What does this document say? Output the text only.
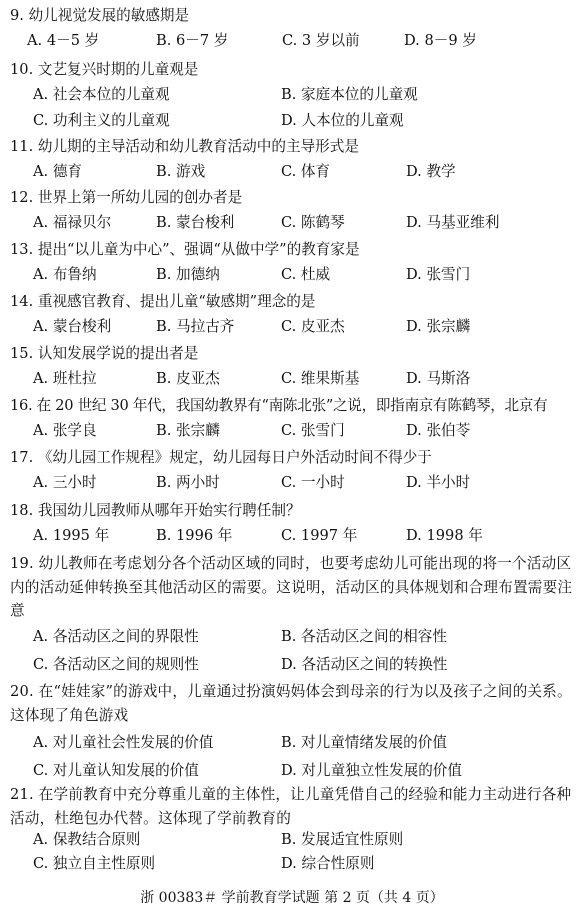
9. 幼儿视觉发展的敏感期是
A. 4－5 岁	B. 6－7 岁	C. 3 岁以前	D. 8－9 岁
10. 文艺复兴时期的儿童观是
A. 社会本位的儿童观	B. 家庭本位的儿童观
C. 功利主义的儿童观	D. 人本位的儿童观
11. 幼儿期的主导活动和幼儿教育活动中的主导形式是
A. 德育	B. 游戏	C. 体育	D. 教学
12. 世界上第一所幼儿园的创办者是
A. 福禄贝尔	B. 蒙台梭利	C. 陈鹤琴	D. 马基亚维利
13. 提出“以儿童为中心”、强调“从做中学”的教育家是
A. 布鲁纳	B. 加德纳	C. 杜威	D. 张雪门
14. 重视感官教育、提出儿童“敏感期”理念的是
A. 蒙台梭利	B. 马拉古齐	C. 皮亚杰	D. 张宗麟
15. 认知发展学说的提出者是
A. 班杜拉	B. 皮亚杰	C. 维果斯基	D. 马斯洛
16. 在 20 世纪 30 年代，我国幼教界有“南陈北张”之说，即指南京有陈鹤琴，北京有
A. 张学良	B. 张宗麟	C. 张雪门	D. 张伯苓
17. 《幼儿园工作规程》规定，幼儿园每日户外活动时间不得少于
A. 三小时	B. 两小时	C. 一小时	D. 半小时
18. 我国幼儿园教师从哪年开始实行聘任制？
A. 1995 年	B. 1996 年	C. 1997 年	D. 1998 年
19. 幼儿教师在考虑划分各个活动区域的同时，也要考虑幼儿可能出现的将一个活动区内的活动延伸转换至其他活动区的需要。这说明，活动区的具体规划和合理布置需要注意
A. 各活动区之间的界限性	B. 各活动区之间的相容性
C. 各活动区之间的规则性	D. 各活动区之间的转换性
20. 在“娃娃家”的游戏中，儿童通过扮演妈妈体会到母亲的行为以及孩子之间的关系。这体现了角色游戏
A. 对儿童社会性发展的价值	B. 对儿童情绪发展的价值
C. 对儿童认知发展的价值	D. 对儿童独立性发展的价值
21. 在学前教育中充分尊重儿童的主体性，让儿童凭借自己的经验和能力主动进行各种活动，杜绝包办代替。这体现了学前教育的
A. 保教结合原则	B. 发展适宜性原则
C. 独立自主性原则	D. 综合性原则
浙 00383＃ 学前教育学试题 第 2 页（共 4 页）
